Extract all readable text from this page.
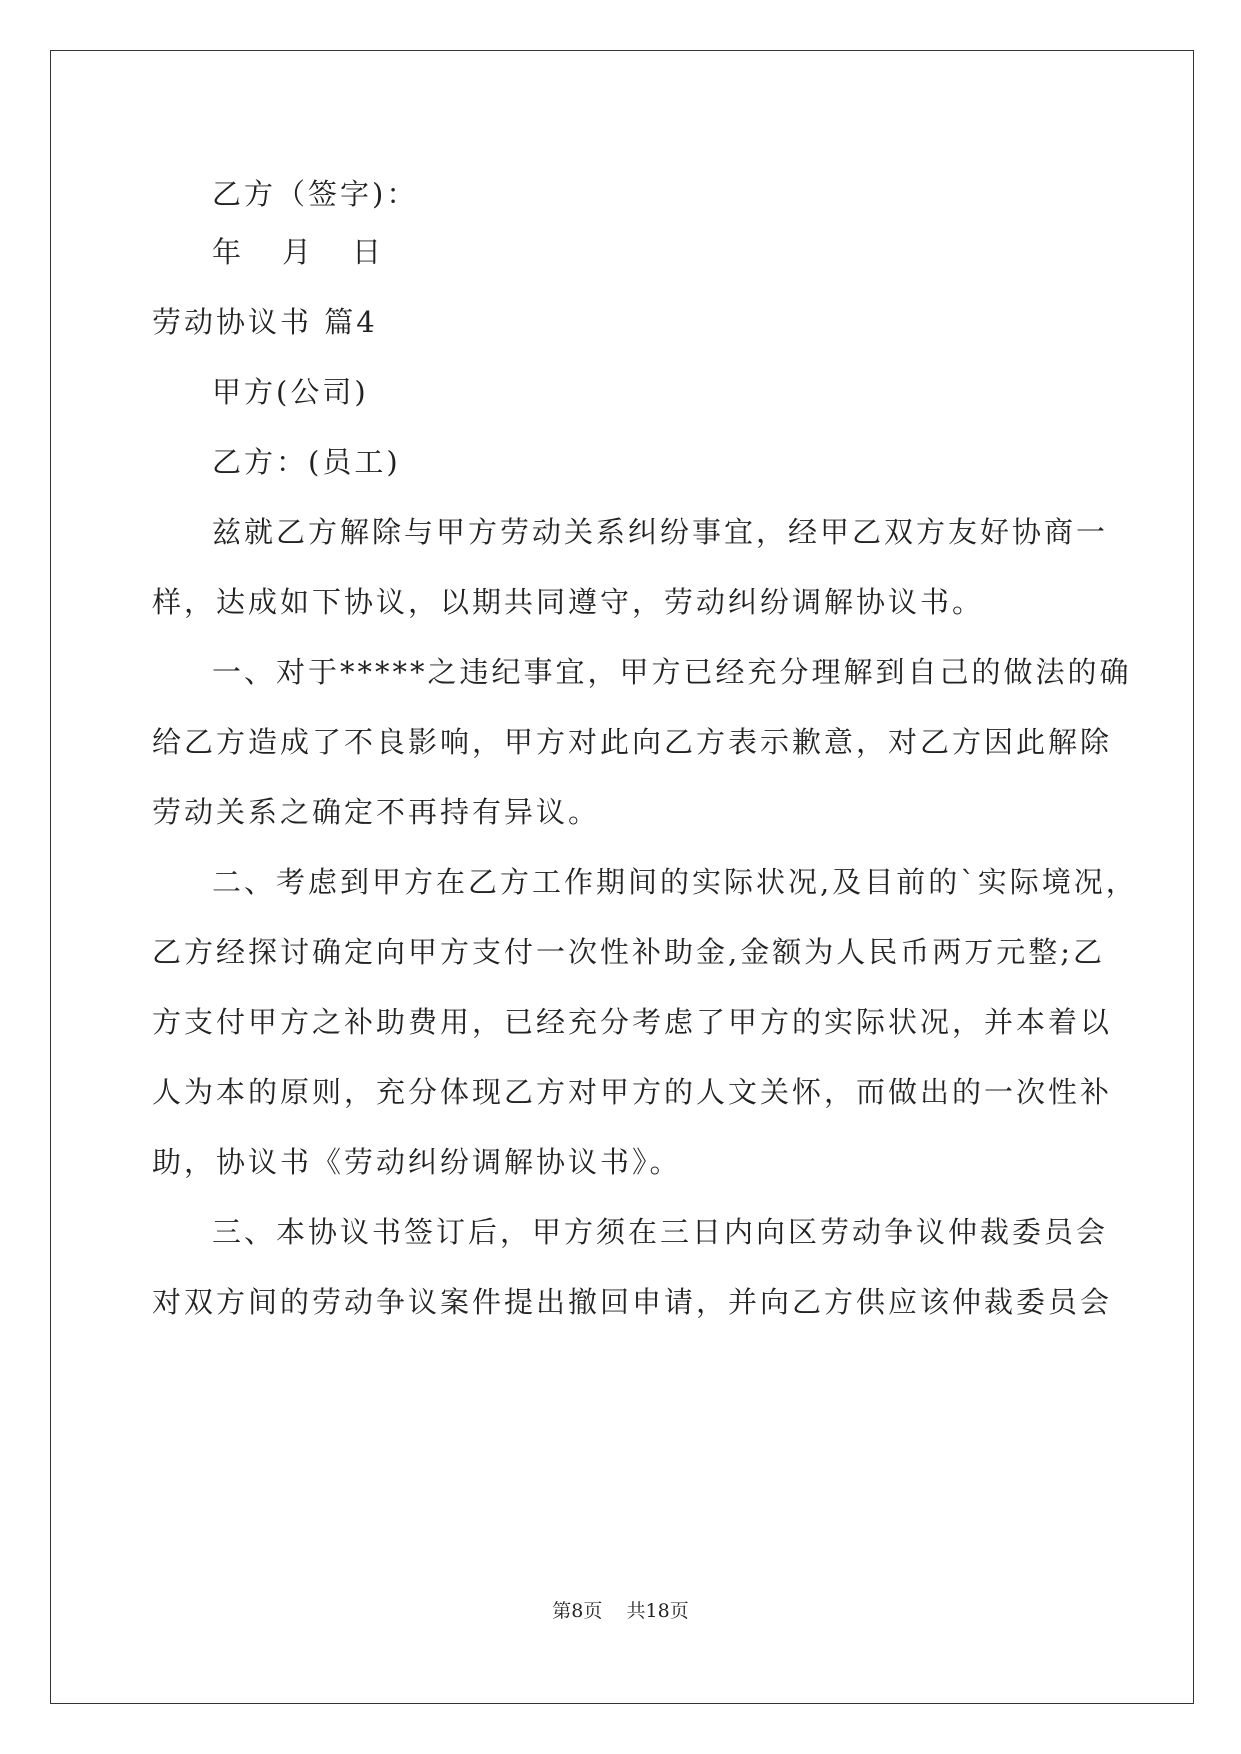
乙方（签字)：
年 月 日
劳动协议书 篇4
甲方(公司)
乙方：(员工)
兹就乙方解除与甲方劳动关系纠纷事宜，经甲乙双方友好协商一
样，达成如下协议，以期共同遵守，劳动纠纷调解协议书。
一、对于*****之违纪事宜，甲方已经充分理解到自己的做法的确
给乙方造成了不良影响，甲方对此向乙方表示歉意，对乙方因此解除
劳动关系之确定不再持有异议。
二、考虑到甲方在乙方工作期间的实际状况,及目前的`实际境况，
乙方经探讨确定向甲方支付一次性补助金,金额为人民币两万元整;乙
方支付甲方之补助费用，已经充分考虑了甲方的实际状况，并本着以
人为本的原则，充分体现乙方对甲方的人文关怀，而做出的一次性补
助，协议书《劳动纠纷调解协议书》。
三、本协议书签订后，甲方须在三日内向区劳动争议仲裁委员会
对双方间的劳动争议案件提出撤回申请，并向乙方供应该仲裁委员会
第8页 共18页
